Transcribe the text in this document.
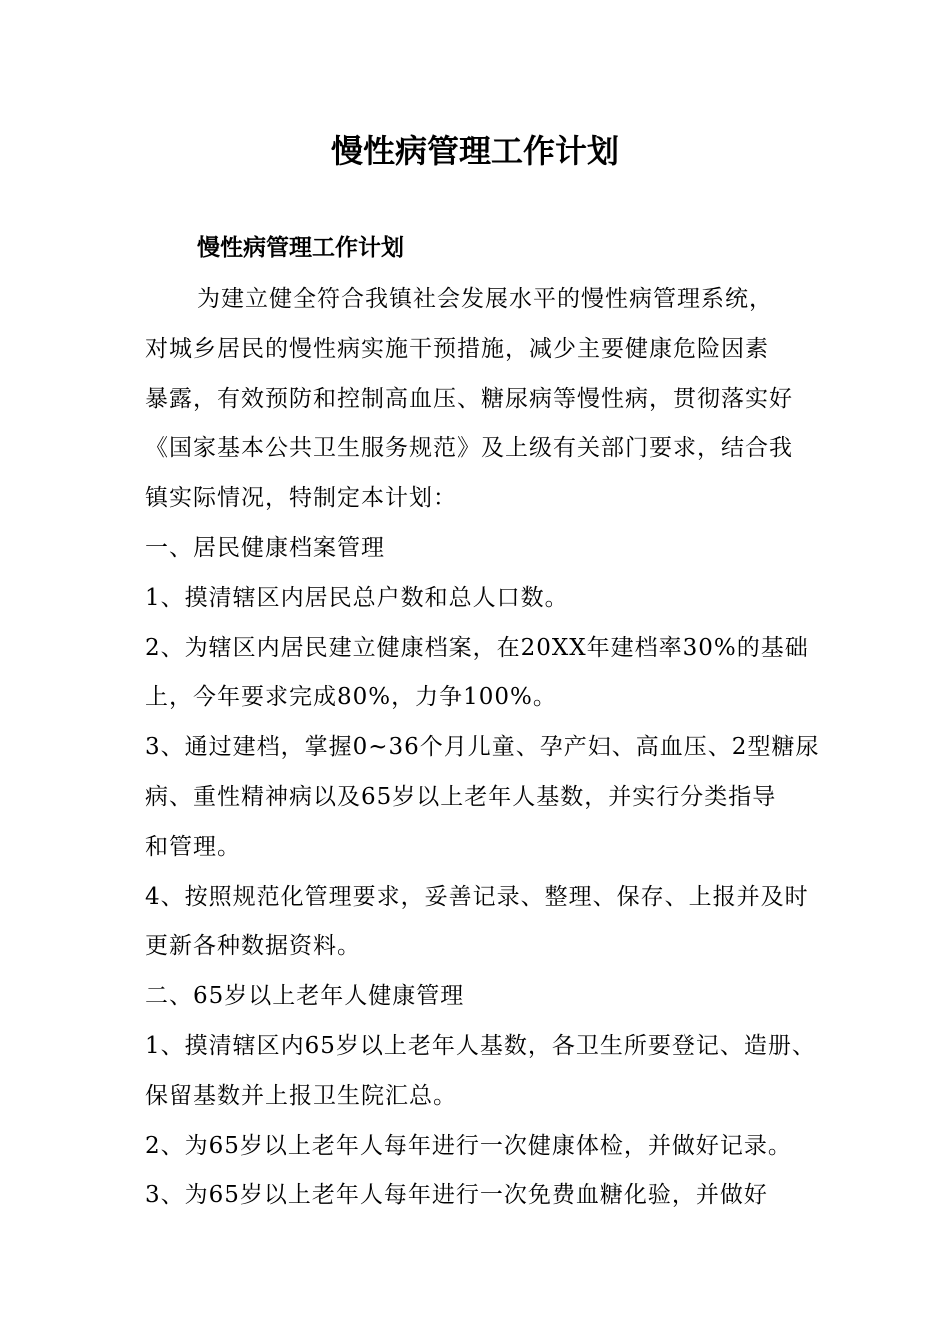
慢性病管理工作计划
慢性病管理工作计划
为建立健全符合我镇社会发展水平的慢性病管理系统，
对城乡居民的慢性病实施干预措施，减少主要健康危险因素
暴露，有效预防和控制高血压、糖尿病等慢性病，贯彻落实好
《国家基本公共卫生服务规范》及上级有关部门要求，结合我
镇实际情况，特制定本计划：
一、居民健康档案管理
1、摸清辖区内居民总户数和总人口数。
2、为辖区内居民建立健康档案，在20XX年建档率30%的基础
上，今年要求完成80%，力争100%。
3、通过建档，掌握0~36个月儿童、孕产妇、高血压、2型糖尿
病、重性精神病以及65岁以上老年人基数，并实行分类指导
和管理。
4、按照规范化管理要求，妥善记录、整理、保存、上报并及时
更新各种数据资料。
二、65岁以上老年人健康管理
1、摸清辖区内65岁以上老年人基数，各卫生所要登记、造册、
保留基数并上报卫生院汇总。
2、为65岁以上老年人每年进行一次健康体检，并做好记录。
3、为65岁以上老年人每年进行一次免费血糖化验，并做好
